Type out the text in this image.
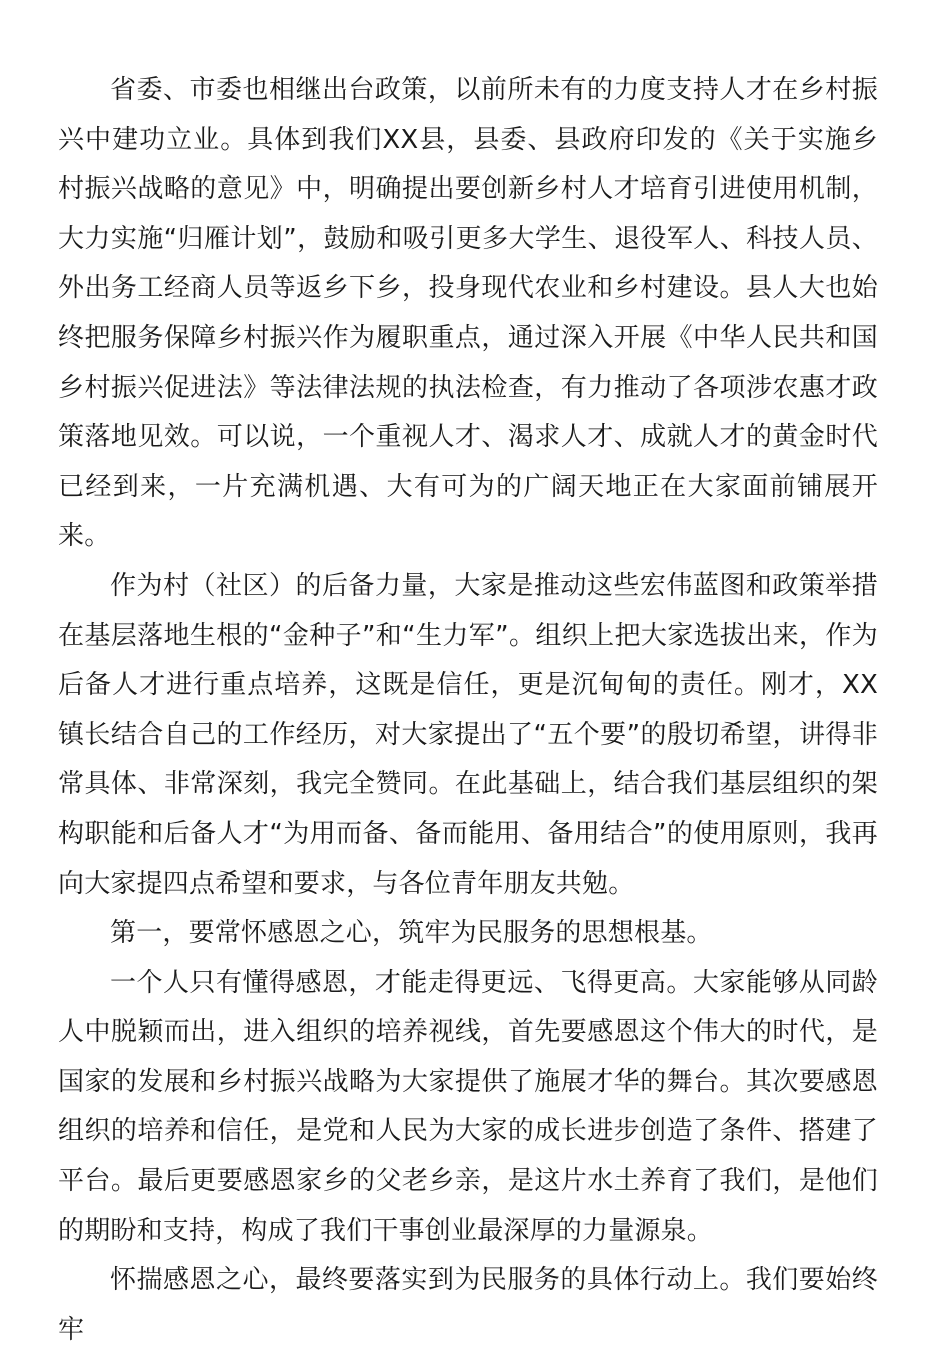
省委、市委也相继出台政策，以前所未有的力度支持人才在乡村振兴中建功立业。具体到我们XX县，县委、县政府印发的《关于实施乡村振兴战略的意见》中，明确提出要创新乡村人才培育引进使用机制，大力实施“归雁计划”，鼓励和吸引更多大学生、退役军人、科技人员、外出务工经商人员等返乡下乡，投身现代农业和乡村建设。县人大也始终把服务保障乡村振兴作为履职重点，通过深入开展《中华人民共和国乡村振兴促进法》等法律法规的执法检查，有力推动了各项涉农惠才政策落地见效。可以说，一个重视人才、渴求人才、成就人才的黄金时代已经到来，一片充满机遇、大有可为的广阔天地正在大家面前铺展开来。

作为村（社区）的后备力量，大家是推动这些宏伟蓝图和政策举措在基层落地生根的“金种子”和“生力军”。组织上把大家选拔出来，作为后备人才进行重点培养，这既是信任，更是沉甸甸的责任。刚才，XX镇长结合自己的工作经历，对大家提出了“五个要”的殷切希望，讲得非常具体、非常深刻，我完全赞同。在此基础上，结合我们基层组织的架构职能和后备人才“为用而备、备而能用、备用结合”的使用原则，我再向大家提四点希望和要求，与各位青年朋友共勉。

第一，要常怀感恩之心，筑牢为民服务的思想根基。

一个人只有懂得感恩，才能走得更远、飞得更高。大家能够从同龄人中脱颖而出，进入组织的培养视线，首先要感恩这个伟大的时代，是国家的发展和乡村振兴战略为大家提供了施展才华的舞台。其次要感恩组织的培养和信任，是党和人民为大家的成长进步创造了条件、搭建了平台。最后更要感恩家乡的父老乡亲，是这片水土养育了我们，是他们的期盼和支持，构成了我们干事创业最深厚的力量源泉。

怀揣感恩之心，最终要落实到为民服务的具体行动上。我们要始终牢
